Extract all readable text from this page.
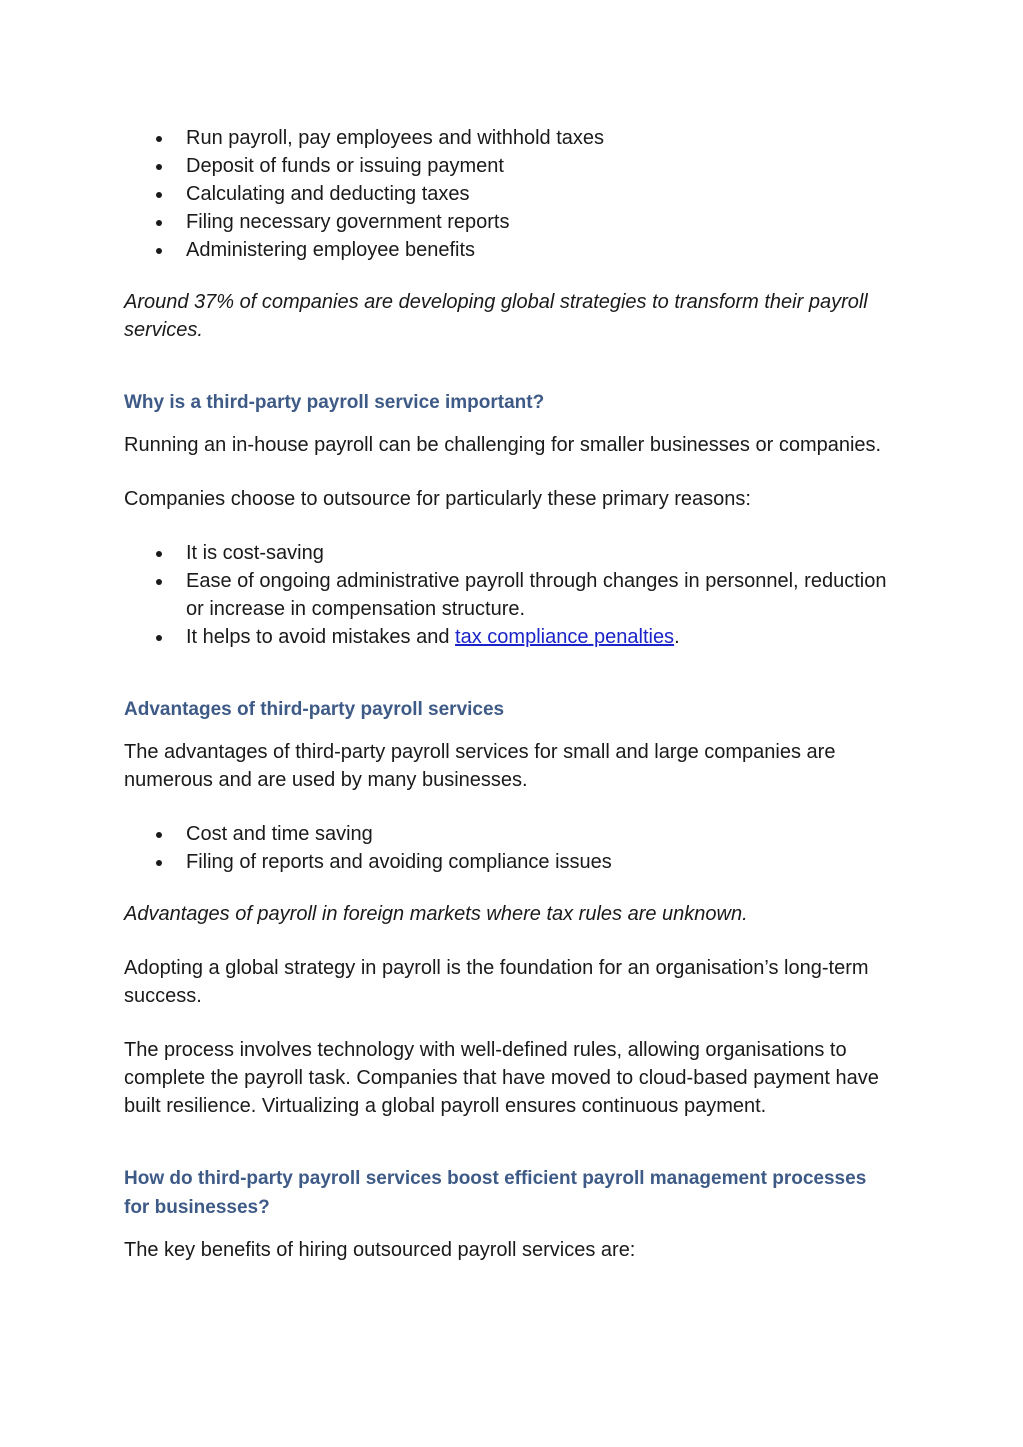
Run payroll, pay employees and withhold taxes
Deposit of funds or issuing payment
Calculating and deducting taxes
Filing necessary government reports
Administering employee benefits

Around 37% of companies are developing global strategies to transform their payroll services.

Why is a third-party payroll service important?

Running an in-house payroll can be challenging for smaller businesses or companies.

Companies choose to outsource for particularly these primary reasons:

It is cost-saving
Ease of ongoing administrative payroll through changes in personnel, reduction or increase in compensation structure.
It helps to avoid mistakes and tax compliance penalties.
Advantages of third-party payroll services

The advantages of third-party payroll services for small and large companies are numerous and are used by many businesses.

Cost and time saving
Filing of reports and avoiding compliance issues

Advantages of payroll in foreign markets where tax rules are unknown.

Adopting a global strategy in payroll is the foundation for an organisation’s long-term success.

The process involves technology with well-defined rules, allowing organisations to complete the payroll task. Companies that have moved to cloud-based payment have built resilience. Virtualizing a global payroll ensures continuous payment.

How do third-party payroll services boost efficient payroll management processes for businesses?

The key benefits of hiring outsourced payroll services are:
